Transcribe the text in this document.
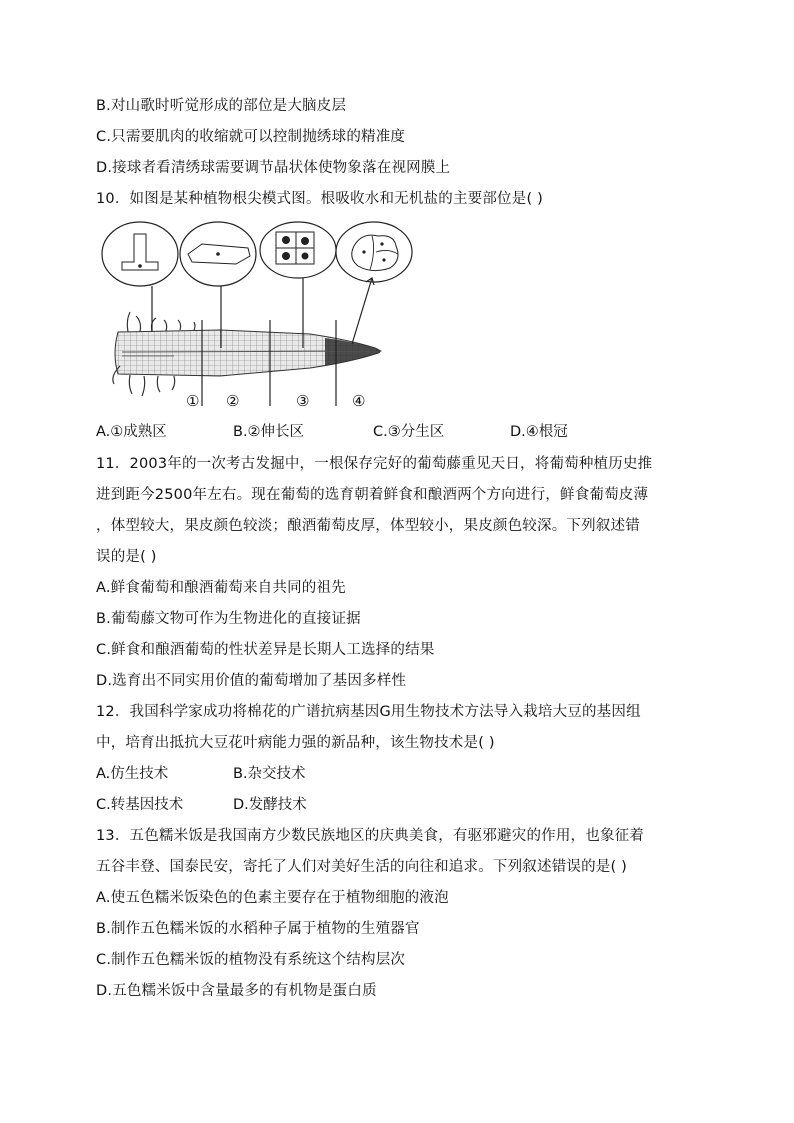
B.对山歌时听觉形成的部位是大脑皮层
C.只需要肌肉的收缩就可以控制抛绣球的精准度
D.接球者看清绣球需要调节晶状体使物象落在视网膜上
10．如图是某种植物根尖模式图。根吸收水和无机盐的主要部位是( )
① ②	③	④
A.①成熟区	B.②伸长区	C.③分生区	D.④根冠
11．2003年的一次考古发掘中，一根保存完好的葡萄藤重见天日，将葡萄种植历史推
进到距今2500年左右。现在葡萄的选育朝着鲜食和酿酒两个方向进行，鲜食葡萄皮薄
，体型较大，果皮颜色较淡；酿酒葡萄皮厚，体型较小，果皮颜色较深。下列叙述错
误的是( )
A.鲜食葡萄和酿酒葡萄来自共同的祖先
B.葡萄藤文物可作为生物进化的直接证据
C.鲜食和酿酒葡萄的性状差异是长期人工选择的结果
D.选育出不同实用价值的葡萄增加了基因多样性
12．我国科学家成功将棉花的广谱抗病基因G用生物技术方法导入栽培大豆的基因组
中，培育出抵抗大豆花叶病能力强的新品种，该生物技术是( )
A.仿生技术	B.杂交技术
C.转基因技术	D.发酵技术
13．五色糯米饭是我国南方少数民族地区的庆典美食，有驱邪避灾的作用，也象征着
五谷丰登、国泰民安，寄托了人们对美好生活的向往和追求。下列叙述错误的是( )
A.使五色糯米饭染色的色素主要存在于植物细胞的液泡
B.制作五色糯米饭的水稻种子属于植物的生殖器官
C.制作五色糯米饭的植物没有系统这个结构层次
D.五色糯米饭中含量最多的有机物是蛋白质
